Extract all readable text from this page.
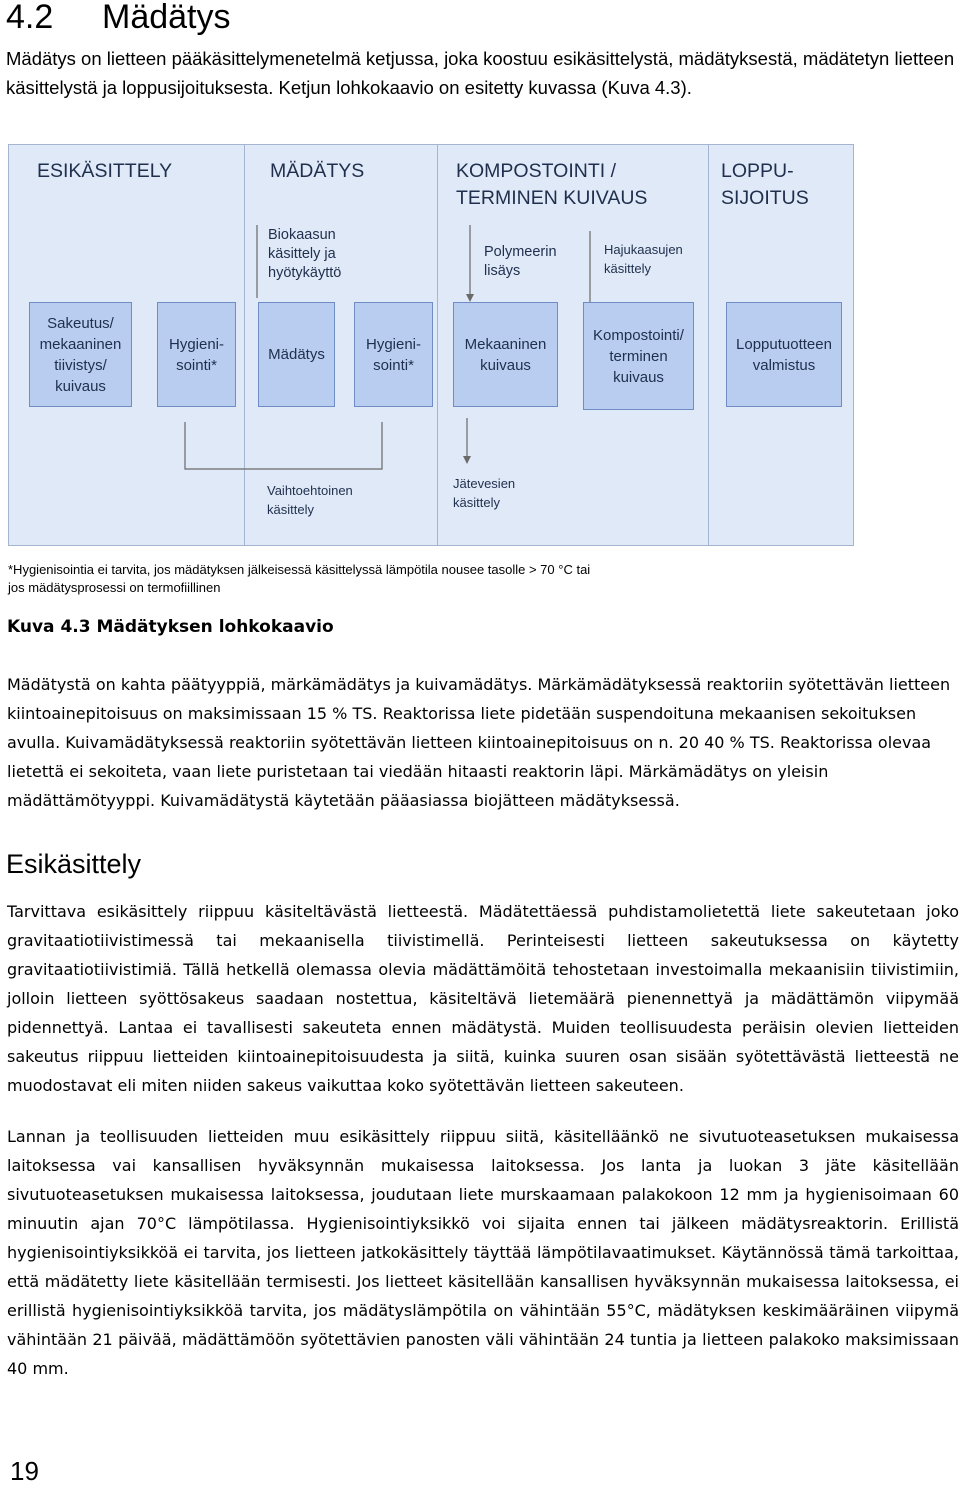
4.2 Mädätys

Mädätys on lietteen pääkäsittelymenetelmä ketjussa, joka koostuu esikäsittelystä, mädätyksestä, mädätetyn lietteen käsittelystä ja loppusijoituksesta. Ketjun lohkokaavio on esitetty kuvassa (Kuva 4.3).

ESIKÄSITTELY	MÄDÄTYS	KOMPOSTOINTI /
TERMINEN KUIVAUS
LOPPU-
SIJOITUS
Biokaasun
käsittely ja
hyötykäyttö
Polymeerin
lisäys
Hajukaasujen
käsittely
Vaihtoehtoinen
käsittely
Jätevesien
käsittely
Sakeutus/
mekaaninen
tiivistys/
kuivaus
Hygieni-
sointi*
Mädätys
Hygieni-
sointi*
Mekaaninen
kuivaus
Kompostointi/
terminen
kuivaus
Lopputuotteen
valmistus
*Hygienisointia ei tarvita, jos mädätyksen jälkeisessä käsittelyssä lämpötila nousee tasolle > 70 °C tai
jos mädätysprosessi on termofiillinen

Kuva 4.3 Mädätyksen lohkokaavio

Mädätystä on kahta päätyyppiä, märkämädätys ja kuivamädätys. Märkämädätyksessä reaktoriin syötettävän lietteen kiintoainepitoisuus on maksimissaan 15 % TS. Reaktorissa liete pidetään suspendoituna mekaanisen sekoituksen avulla. Kuivamädätyksessä reaktoriin syötettävän lietteen kiintoainepitoisuus on n. 20 40 % TS. Reaktorissa olevaa lietettä ei sekoiteta, vaan liete puristetaan tai viedään hitaasti reaktorin läpi. Märkämädätys on yleisin mädättämötyyppi. Kuivamädätystä käytetään pääasiassa biojätteen mädätyksessä.

Esikäsittely

Tarvittava esikäsittely riippuu käsiteltävästä lietteestä. Mädätettäessä puhdistamolietettä liete sakeutetaan joko gravitaatiotiivistimessä tai mekaanisella tiivistimellä. Perinteisesti lietteen sakeutuksessa on käytetty gravitaatiotiivistimiä. Tällä hetkellä olemassa olevia mädättämöitä tehostetaan investoimalla mekaanisiin tiivistimiin, jolloin lietteen syöttösakeus saadaan nostettua, käsiteltävä lietemäärä pienennettyä ja mädättämön viipymää pidennettyä. Lantaa ei tavallisesti sakeuteta ennen mädätystä. Muiden teollisuudesta peräisin olevien lietteiden sakeutus riippuu lietteiden kiintoainepitoisuudesta ja siitä, kuinka suuren osan sisään syötettävästä lietteestä ne muodostavat eli miten niiden sakeus vaikuttaa koko syötettävän lietteen sakeuteen.

Lannan ja teollisuuden lietteiden muu esikäsittely riippuu siitä, käsitelläänkö ne sivutuoteasetuksen mukaisessa laitoksessa vai kansallisen hyväksynnän mukaisessa laitoksessa. Jos lanta ja luokan 3 jäte käsitellään sivutuoteasetuksen mukaisessa laitoksessa, joudutaan liete murskaamaan palakokoon 12 mm ja hygienisoimaan 60 minuutin ajan 70°C lämpötilassa. Hygienisointiyksikkö voi sijaita ennen tai jälkeen mädätysreaktorin. Erillistä hygienisointiyksikköä ei tarvita, jos lietteen jatkokäsittely täyttää lämpötilavaatimukset. Käytännössä tämä tarkoittaa, että mädätetty liete käsitellään termisesti. Jos lietteet käsitellään kansallisen hyväksynnän mukaisessa laitoksessa, ei erillistä hygienisointiyksikköä tarvita, jos mädätyslämpötila on vähintään 55°C, mädätyksen keskimääräinen viipymä vähintään 21 päivää, mädättämöön syötettävien panosten väli vähintään 24 tuntia ja lietteen palakoko maksimissaan 40 mm.

19
